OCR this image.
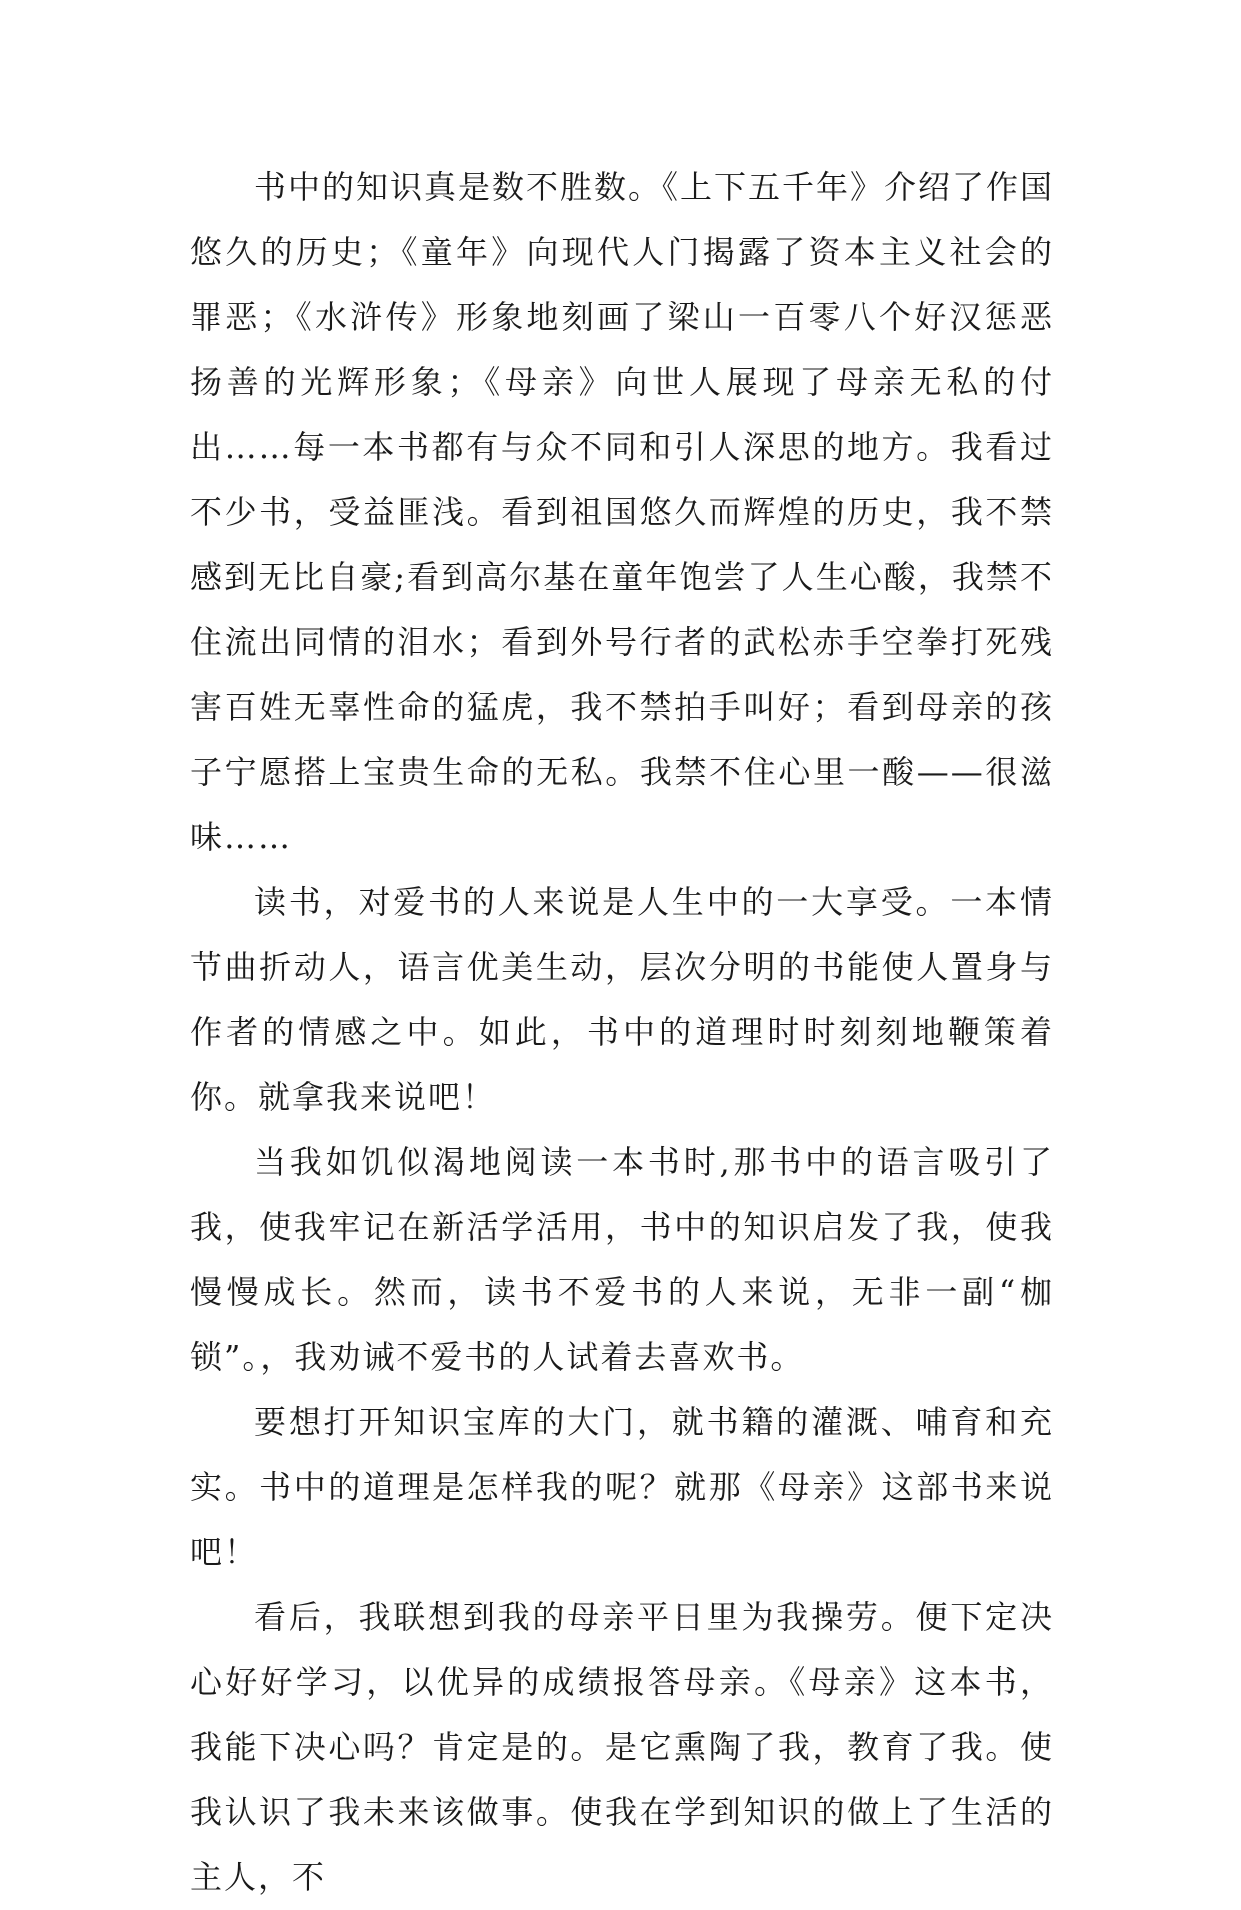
书中的知识真是数不胜数。《上下五千年》介绍了作国悠久的历史；《童年》向现代人门揭露了资本主义社会的罪恶；《水浒传》形象地刻画了梁山一百零八个好汉惩恶扬善的光辉形象；《母亲》向世人展现了母亲无私的付出……每一本书都有与众不同和引人深思的地方。我看过不少书，受益匪浅。看到祖国悠久而辉煌的历史，我不禁感到无比自豪;看到高尔基在童年饱尝了人生心酸，我禁不住流出同情的泪水；看到外号行者的武松赤手空拳打死残害百姓无辜性命的猛虎，我不禁拍手叫好；看到母亲的孩子宁愿搭上宝贵生命的无私。我禁不住心里一酸——很滋味……

读书，对爱书的人来说是人生中的一大享受。一本情节曲折动人，语言优美生动，层次分明的书能使人置身与作者的情感之中。如此，书中的道理时时刻刻地鞭策着你。就拿我来说吧！

当我如饥似渴地阅读一本书时,那书中的语言吸引了我，使我牢记在新活学活用，书中的知识启发了我，使我慢慢成长。然而，读书不爱书的人来说，无非一副“枷锁”。，我劝诫不爱书的人试着去喜欢书。

要想打开知识宝库的大门，就书籍的灌溉、哺育和充实。书中的道理是怎样我的呢？就那《母亲》这部书来说吧！

看后，我联想到我的母亲平日里为我操劳。便下定决心好好学习，以优异的成绩报答母亲。《母亲》这本书，我能下决心吗？肯定是的。是它熏陶了我，教育了我。使我认识了我未来该做事。使我在学到知识的做上了生活的主人，不
